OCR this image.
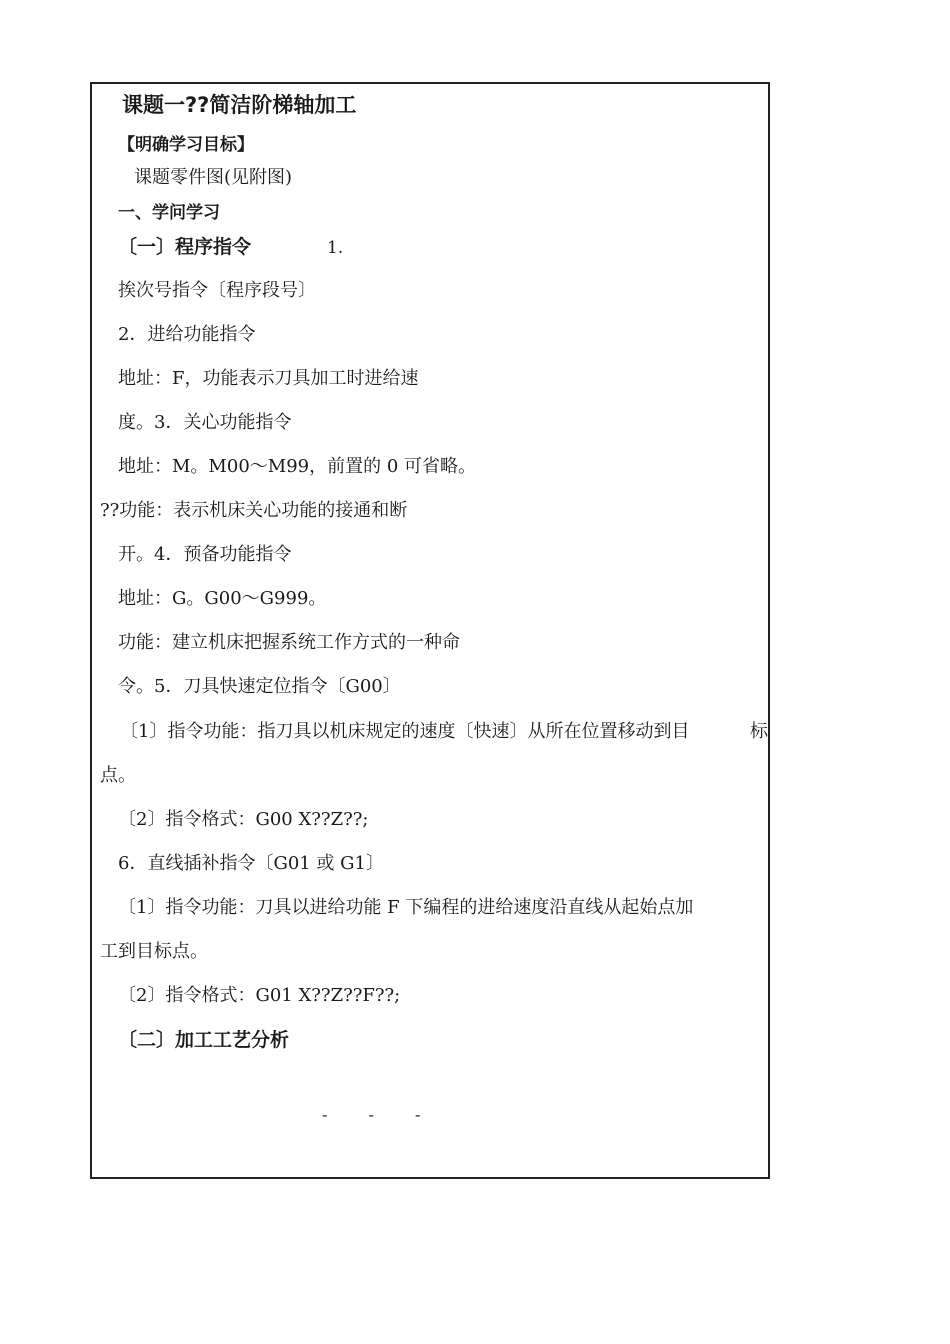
课题一??简洁阶梯轴加工
【明确学习目标】
课题零件图(见附图)
一、学问学习
〔一〕程序指令	1.
挨次号指令〔程序段号〕
2．进给功能指令
地址：F，功能表示刀具加工时进给速
度。3．关心功能指令
地址：M。M00～M99，前置的 0 可省略。
??功能：表示机床关心功能的接通和断
开。4．预备功能指令
地址：G。G00～G999。
功能：建立机床把握系统工作方式的一种命
令。5．刀具快速定位指令〔G00〕
〔1〕指令功能：指刀具以机床规定的速度〔快速〕从所在位置移动到目	标
点。
〔2〕指令格式：G00 X??Z??;
6．直线插补指令〔G01 或 G1〕
〔1〕指令功能：刀具以进给功能 F 下编程的进给速度沿直线从起始点加
工到目标点。
〔2〕指令格式：G01 X??Z??F??;
〔二〕加工工艺分析
- - -
